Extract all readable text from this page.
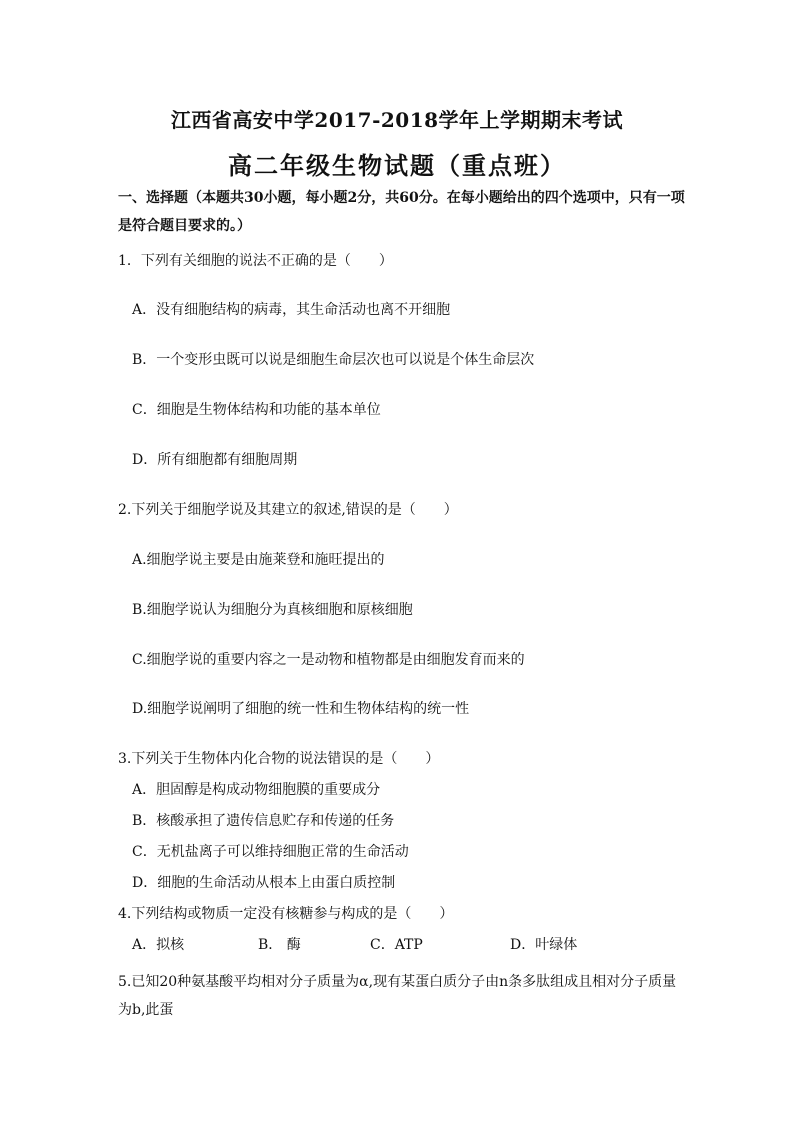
江西省高安中学2017-2018学年上学期期末考试
高二年级生物试题（重点班）
一、选择题（本题共30小题，每小题2分，共60分。在每小题给出的四个选项中，只有一项是符合题目要求的。）
1．下列有关细胞的说法不正确的是（　　）
A．没有细胞结构的病毒，其生命活动也离不开细胞
B．一个变形虫既可以说是细胞生命层次也可以说是个体生命层次
C．细胞是生物体结构和功能的基本单位
D．所有细胞都有细胞周期
2.下列关于细胞学说及其建立的叙述,错误的是（　　）
A.细胞学说主要是由施莱登和施旺提出的
B.细胞学说认为细胞分为真核细胞和原核细胞
C.细胞学说的重要内容之一是动物和植物都是由细胞发育而来的
D.细胞学说阐明了细胞的统一性和生物体结构的统一性
3.下列关于生物体内化合物的说法错误的是（　　）
A．胆固醇是构成动物细胞膜的重要成分
B．核酸承担了遗传信息贮存和传递的任务
C．无机盐离子可以维持细胞正常的生命活动
D．细胞的生命活动从根本上由蛋白质控制
4.下列结构或物质一定没有核糖参与构成的是（　　）
A．拟核	B． 酶	C．ATP	D．叶绿体
5.已知20种氨基酸平均相对分子质量为α,现有某蛋白质分子由n条多肽组成且相对分子质量为b,此蛋
